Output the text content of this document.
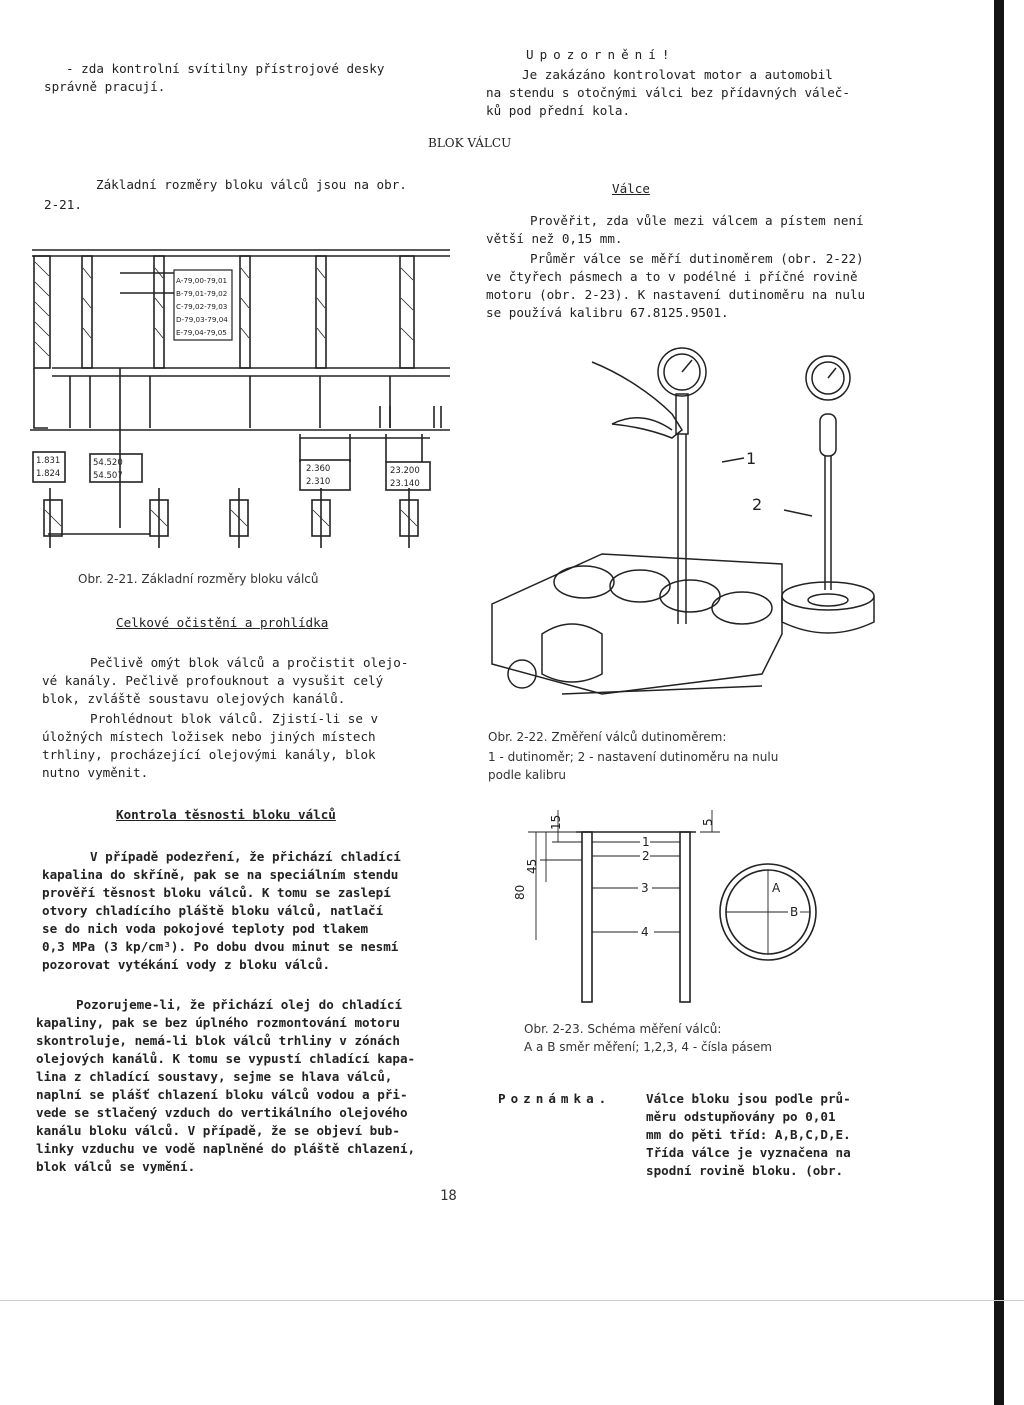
- zda kontrolní svítilny přístrojové desky
správně pracují.
Základní rozměry bloku válců jsou na obr.
2-21.
A-79,00-79,01
B-79,01-79,02
C-79,02-79,03
D-79,03-79,04
E-79,04-79,05
1.831
1.824
54.520
54.507
2.360
2.310
23.200
23.140
Obr. 2-21. Základní rozměry bloku válců
Celkové očistění a prohlídka
Pečlivě omýt blok válců a pročistit olejo-
vé kanály. Pečlivě profouknout a vysušit celý
blok, zvláště soustavu olejových kanálů.
Prohlédnout blok válců. Zjistí-li se v
úložných místech ložisek nebo jiných místech
trhliny, procházející olejovými kanály, blok
nutno vyměnit.
Kontrola těsnosti bloku válců
V případě podezření, že přichází chladící
kapalina do skříně, pak se na speciálním stendu
prověří těsnost bloku válců. K tomu se zaslepí
otvory chladícího pláště bloku válců, natlačí
se do nich voda pokojové teploty pod tlakem
0,3 MPa (3 kp/cm³). Po dobu dvou minut se nesmí
pozorovat vytékání vody z bloku válců.
Pozorujeme-li, že přichází olej do chladící
kapaliny, pak se bez úplného rozmontování motoru
skontroluje, nemá-li blok válců trhliny v zónách
olejových kanálů. K tomu se vypustí chladící kapa-
lina z chladící soustavy, sejme se hlava válců,
naplní se plášť chlazení bloku válců vodou a při-
vede se stlačený vzduch do vertikálního olejového
kanálu bloku válců. V případě, že se objeví bub-
linky vzduchu ve vodě naplněné do pláště chlazení,
blok válců se vymění.
Upozornění!
Je zakázáno kontrolovat motor a automobil
na stendu s otočnými válci bez přídavných váleč-
ků pod přední kola.
BLOK VÁLCU
Válce
Prověřit, zda vůle mezi válcem a pístem není
větší než 0,15 mm.
Průměr válce se měří dutinoměrem (obr. 2-22)
ve čtyřech pásmech a to v podélné i příčné rovině
motoru (obr. 2-23). K nastavení dutinoměru na nulu
se používá kalibru 67.8125.9501.
1
2
Obr. 2-22. Změření válců dutinoměrem:
1 - dutinoměr; 2 - nastavení dutinoměru na nulu
podle kalibru
15
45
80
5
1
2
3
4
A
B
Obr. 2-23. Schéma měření válců:
A a B směr měření; 1,2,3, 4 - čísla pásem
Poznámka.	Válce bloku jsou podle prů-
měru odstupňovány po 0,01
mm do pěti tříd: A,B,C,D,E.
Třída válce je vyznačena na
spodní rovině bloku. (obr.
18
